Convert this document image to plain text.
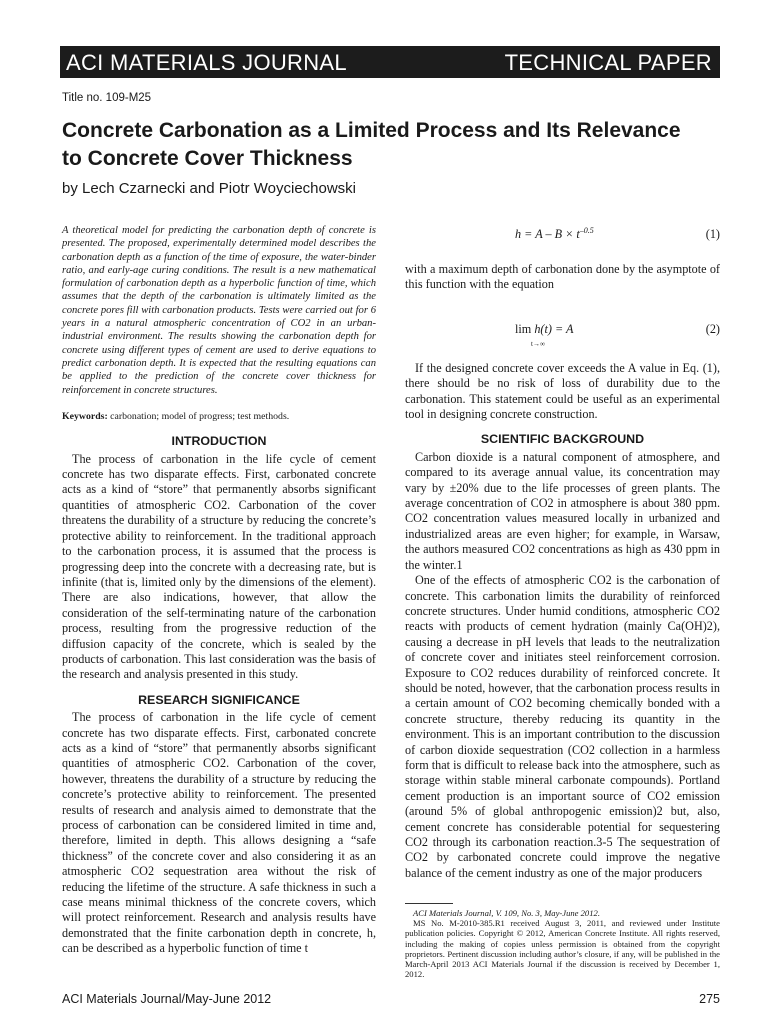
ACI MATERIALS JOURNAL	TECHNICAL PAPER
Title no. 109-M25
Concrete Carbonation as a Limited Process and Its Relevance to Concrete Cover Thickness
by Lech Czarnecki and Piotr Woyciechowski

A theoretical model for predicting the carbonation depth of concrete is presented. The proposed, experimentally determined model describes the carbonation depth as a function of the time of exposure, the water-binder ratio, and early-age curing conditions. The result is a new mathematical formulation of carbonation depth as a hyperbolic function of time, which assumes that the depth of the carbonation is ultimately limited as the concrete pores fill with carbonation products. Tests were carried out for 6 years in a natural atmospheric concentration of CO2 in an urban-industrial environment. The results showing the carbonation depth for concrete using different types of cement are used to derive equations to predict carbonation depth. It is expected that the resulting equations can be applied to the prediction of the concrete cover thickness for reinforcement in concrete structures.

Keywords: carbonation; model of progress; test methods.

INTRODUCTION

The process of carbonation in the life cycle of cement concrete has two disparate effects. First, carbonated concrete acts as a kind of “store” that permanently absorbs significant quantities of atmospheric CO2. Carbonation of the cover threatens the durability of a structure by reducing the concrete’s protective ability to reinforcement. In the traditional approach to the carbonation process, it is assumed that the process is progressing deep into the concrete with a decreasing rate, but is infinite (that is, limited only by the dimensions of the element). There are also indications, however, that allow the consideration of the self-terminating nature of the carbonation process, resulting from the progressive reduction of the diffusion capacity of the concrete, which is sealed by the products of carbonation. This last consideration was the basis of the research and analysis presented in this study.

RESEARCH SIGNIFICANCE

The process of carbonation in the life cycle of cement concrete has two disparate effects. First, carbonated concrete acts as a kind of “store” that permanently absorbs significant quantities of atmospheric CO2. Carbonation of the cover, however, threatens the durability of a structure by reducing the concrete’s protective ability to reinforcement. The presented results of research and analysis aimed to demonstrate that the process of carbonation can be considered limited in time and, therefore, limited in depth. This allows designing a “safe thickness” of the concrete cover and also considering it as an atmospheric CO2 sequestration area without the risk of reducing the lifetime of the structure. A safe thickness in such a case means minimal thickness of the concrete covers, which will protect reinforcement. Research and analysis results have demonstrated that the finite carbonation depth in concrete, h, can be described as a hyperbolic function of time t

$h = A - B \times t^{-0.5}$	(1)

with a maximum depth of carbonation done by the asymptote of this function with the equation

lim h(t) = A
t→∞
(2)

If the designed concrete cover exceeds the A value in Eq. (1), there should be no risk of loss of durability due to the carbonation. This statement could be useful as an experimental tool in designing concrete construction.

SCIENTIFIC BACKGROUND

Carbon dioxide is a natural component of atmosphere, and compared to its average annual value, its concentration may vary by ±20% due to the life processes of green plants. The average concentration of CO2 in atmosphere is about 380 ppm. CO2 concentration values measured locally in urbanized and industrialized areas are even higher; for example, in Warsaw, the authors measured CO2 concentrations as high as 430 ppm in the winter.1

One of the effects of atmospheric CO2 is the carbonation of concrete. This carbonation limits the durability of reinforced concrete structures. Under humid conditions, atmospheric CO2 reacts with products of cement hydration (mainly Ca(OH)2), causing a decrease in pH levels that leads to the neutralization of concrete cover and initiates steel reinforcement corrosion. Exposure to CO2 reduces durability of reinforced concrete. It should be noted, however, that the carbonation process results in a certain amount of CO2 becoming chemically bonded with a concrete structure, thereby reducing its quantity in the environment. This is an important contribution to the discussion of carbon dioxide sequestration (CO2 collection in a harmless form that is difficult to release back into the atmosphere, such as storage within stable mineral carbonate compounds). Portland cement production is an important source of CO2 emission (around 5% of global anthropogenic emission)2 but, also, cement concrete has considerable potential for sequestering CO2 through its carbonation reaction.3-5 The sequestration of CO2 by carbonated concrete could improve the negative balance of the cement industry as one of the major producers

ACI Materials Journal, V. 109, No. 3, May-June 2012.

MS No. M-2010-385.R1 received August 3, 2011, and reviewed under Institute publication policies. Copyright © 2012, American Concrete Institute. All rights reserved, including the making of copies unless permission is obtained from the copyright proprietors. Pertinent discussion including author’s closure, if any, will be published in the March-April 2013 ACI Materials Journal if the discussion is received by December 1, 2012.

ACI Materials Journal/May-June 2012	275
